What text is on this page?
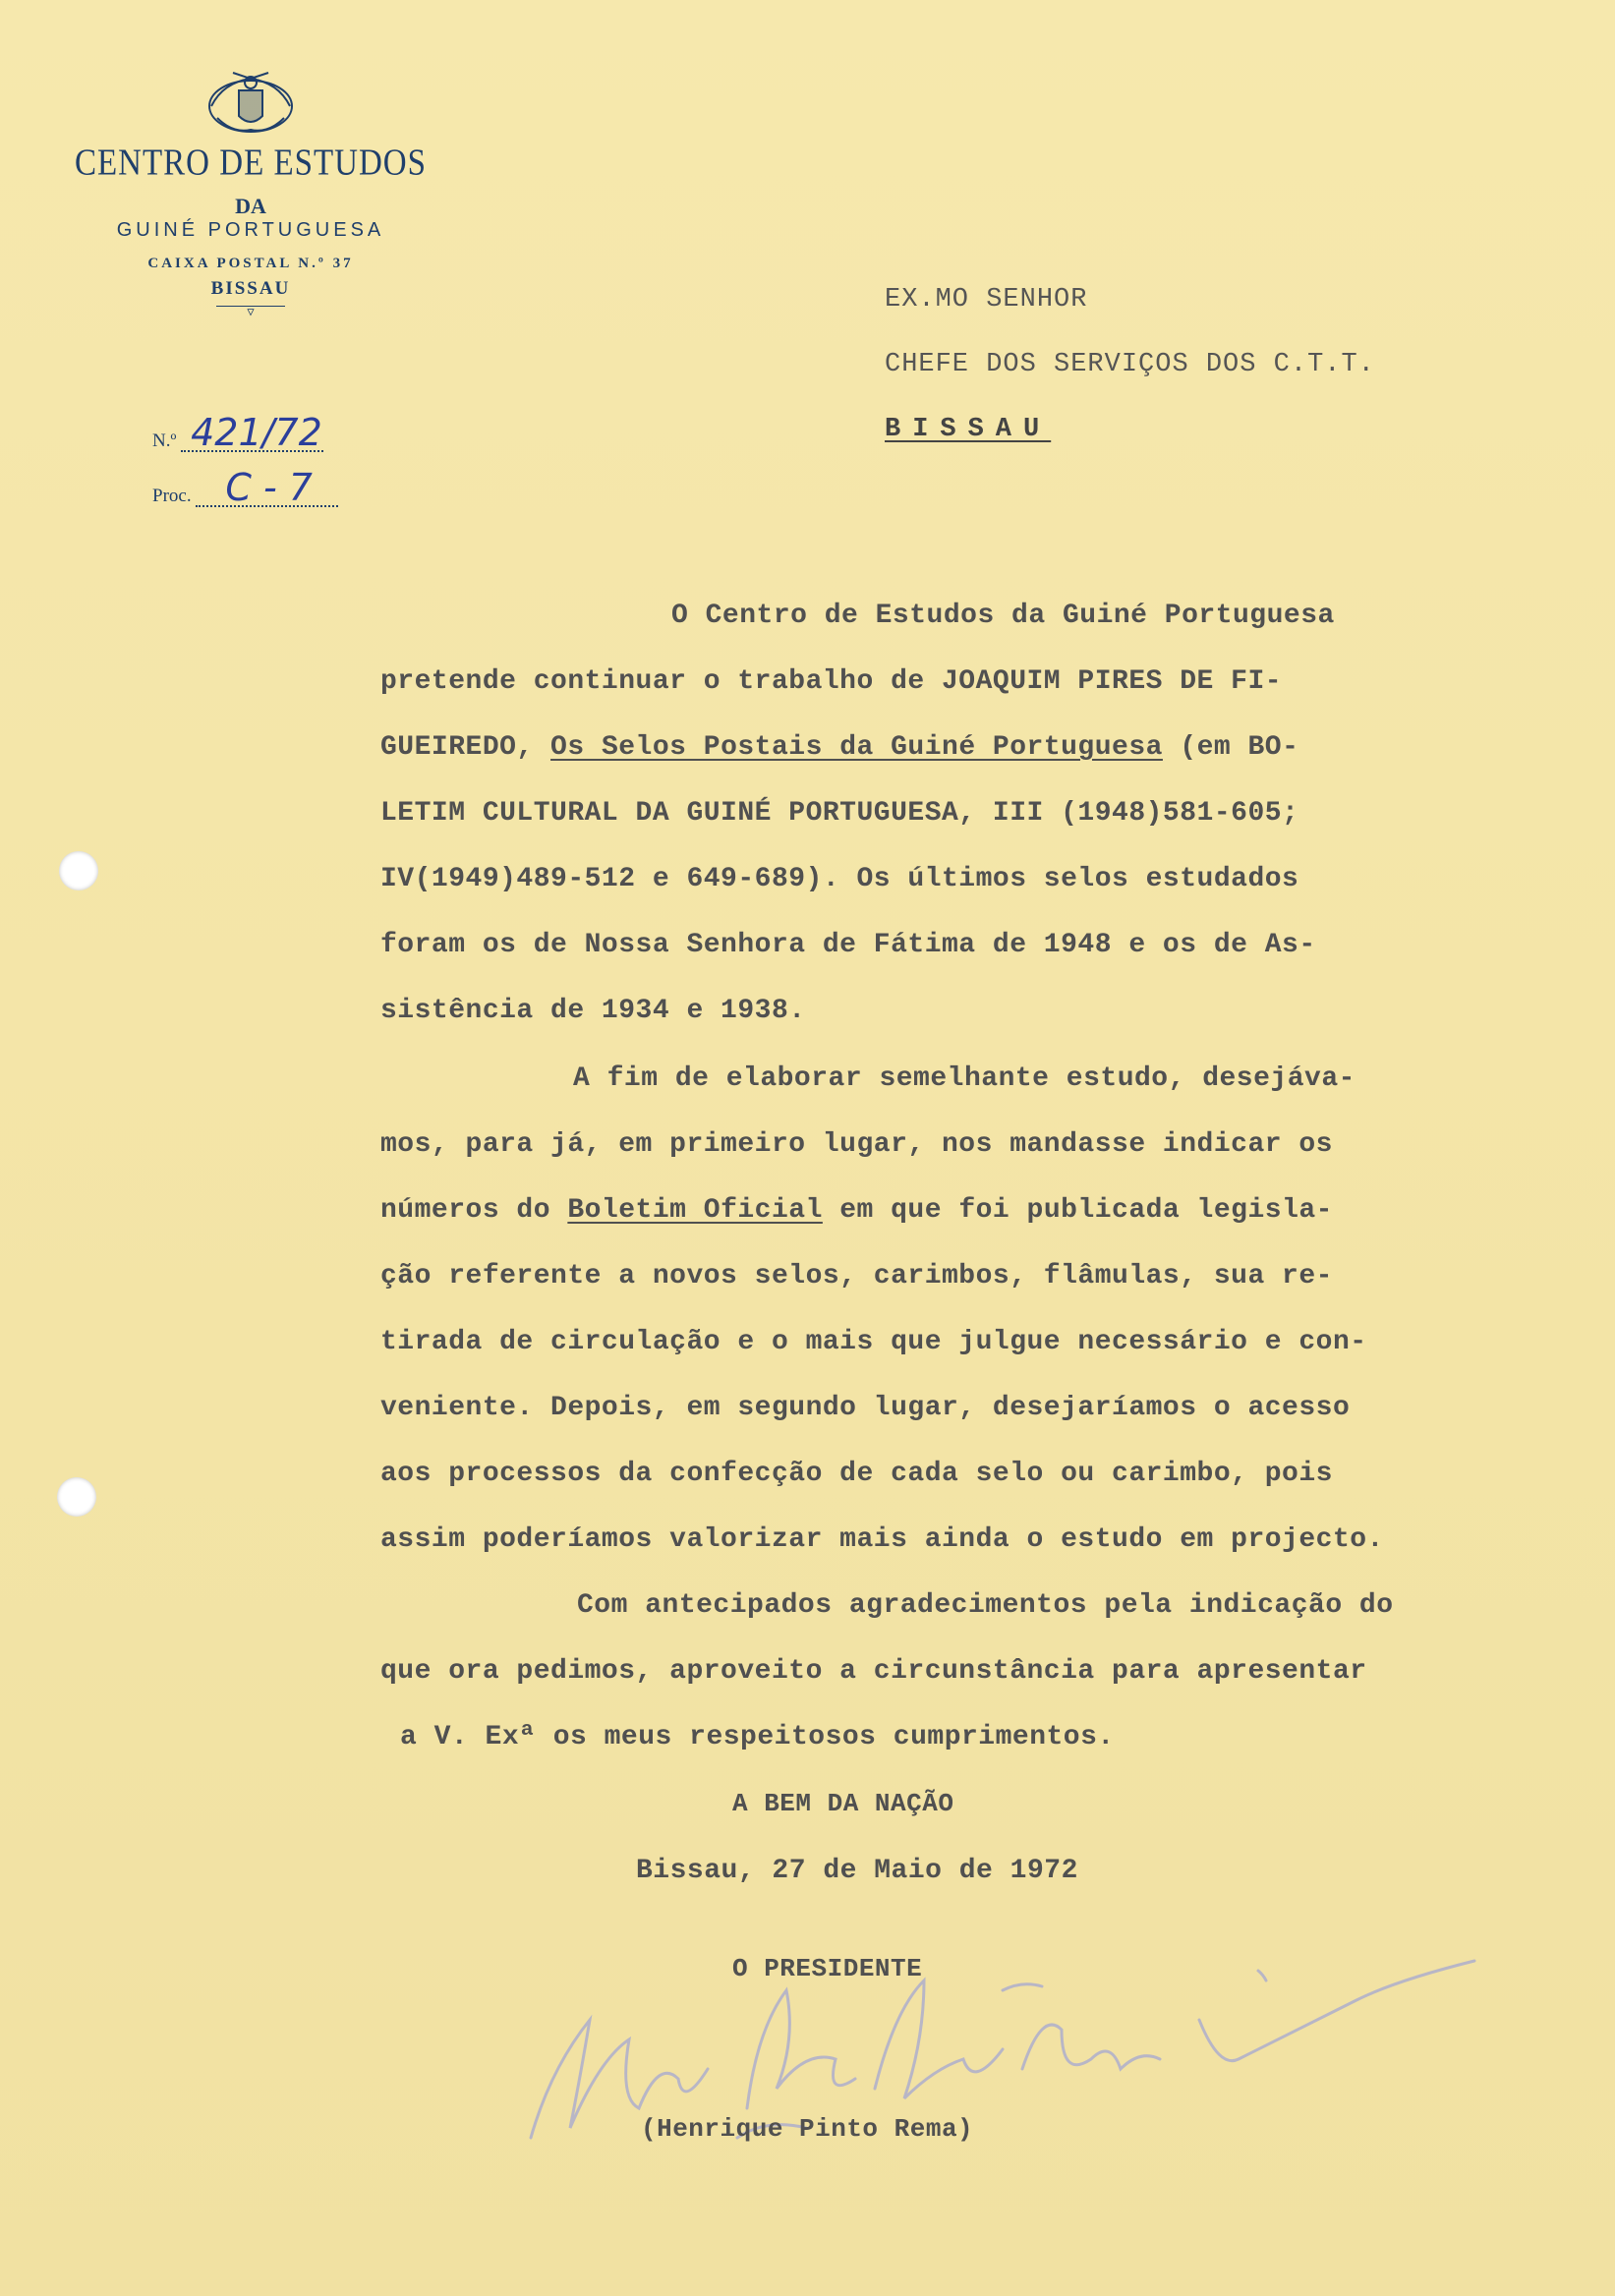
CENTRO DE ESTUDOS
DA
GUINÉ PORTUGUESA
CAIXA POSTAL N.º 37
BISSAU
▽
N.º 421/72
Proc. C - 7
EX.MO SENHOR
CHEFE DOS SERVIÇOS DOS C.T.T.
BISSAU
O Centro de Estudos da Guiné Portuguesa
pretende continuar o trabalho de JOAQUIM PIRES DE FI-
GUEIREDO, Os Selos Postais da Guiné Portuguesa (em BO-
LETIM CULTURAL DA GUINÉ PORTUGUESA, III (1948)581-605;
IV(1949)489-512 e 649-689). Os últimos selos estudados
foram os de Nossa Senhora de Fátima de 1948 e os de As-
sistência de 1934 e 1938.
A fim de elaborar semelhante estudo, desejáva-
mos, para já, em primeiro lugar, nos mandasse indicar os
números do Boletim Oficial em que foi publicada legisla-
ção referente a novos selos, carimbos, flâmulas, sua re-
tirada de circulação e o mais que julgue necessário e con-
veniente. Depois, em segundo lugar, desejaríamos o acesso
aos processos da confecção de cada selo ou carimbo, pois
assim poderíamos valorizar mais ainda o estudo em projecto.
Com antecipados agradecimentos pela indicação do
que ora pedimos, aproveito a circunstância para apresentar
a V. Exª os meus respeitosos cumprimentos.
A BEM DA NAÇÃO
Bissau, 27 de Maio de 1972
O PRESIDENTE
(Henrique Pinto Rema)
